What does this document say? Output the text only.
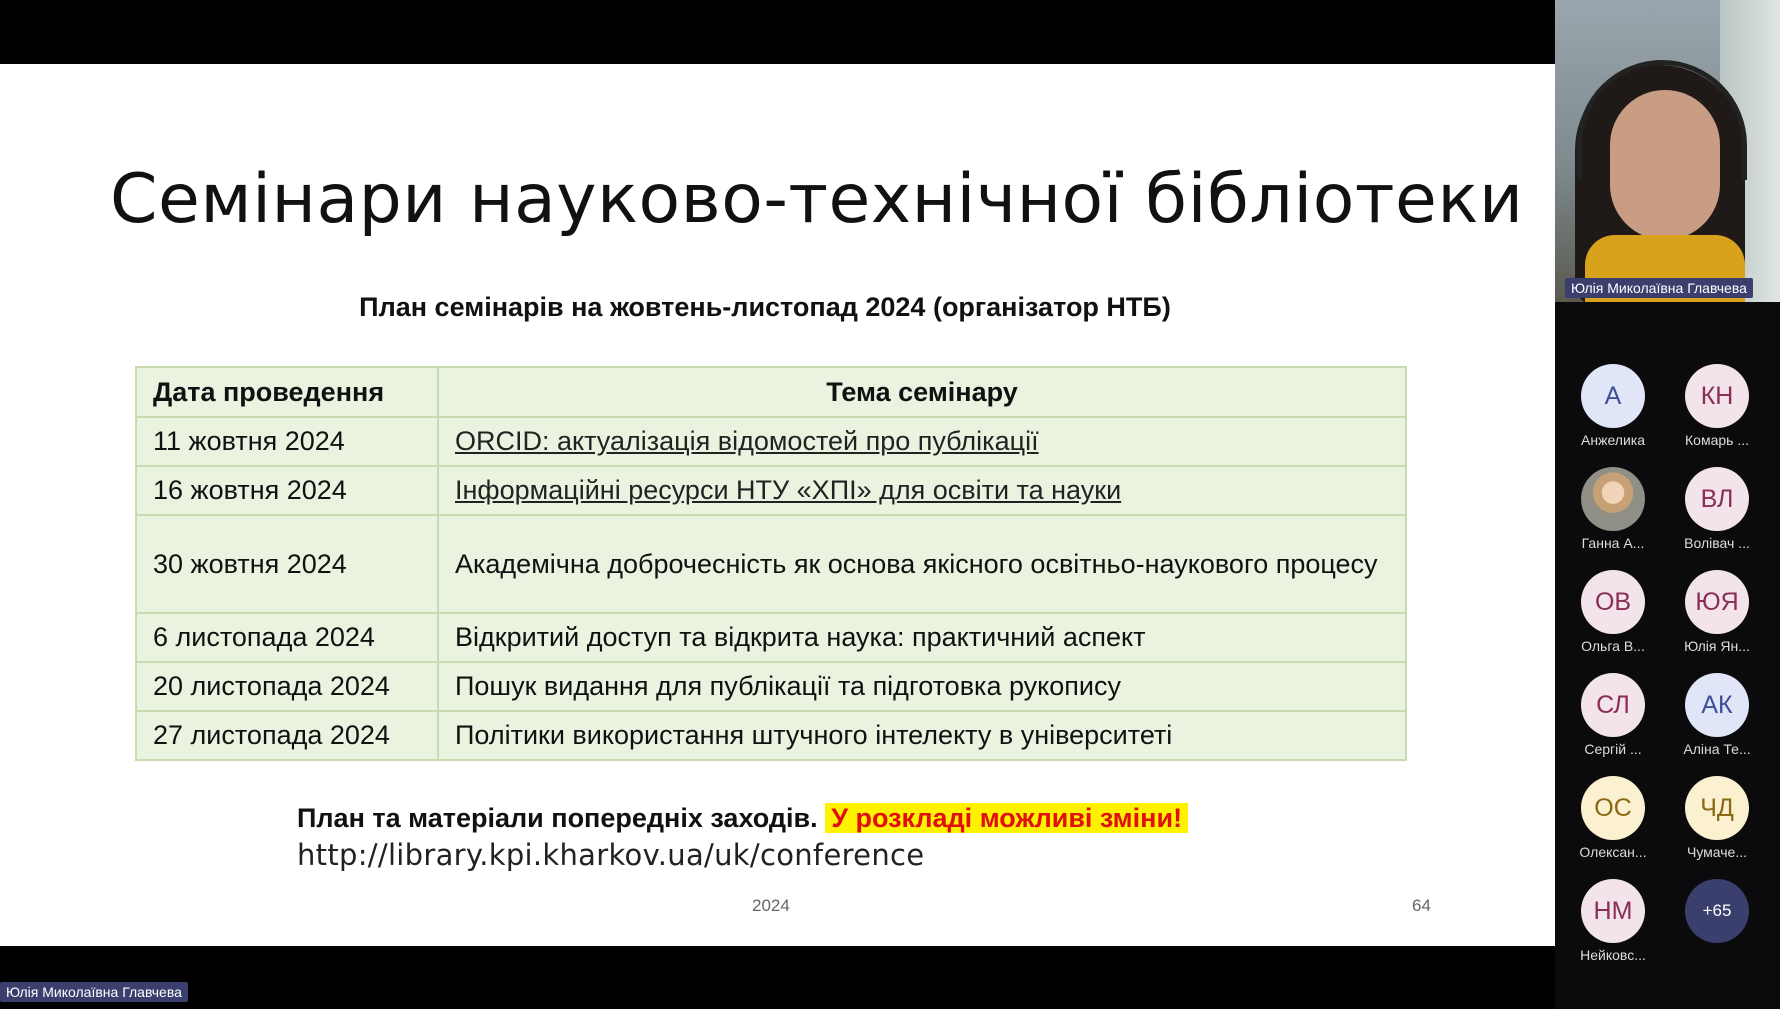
Семінари науково-технічної бібліотеки
План семінарів на жовтень-листопад 2024 (організатор НТБ)
Дата проведення	Тема семінару
11 жовтня 2024	ORCID: актуалізація відомостей про публікації
16 жовтня 2024	Інформаційні ресурси НТУ «ХПІ» для освіти та науки
30 жовтня 2024	Академічна доброчесність як основа якісного освітньо-наукового процесу
6 листопада 2024	Відкритий доступ та відкрита наука: практичний аспект
20 листопада 2024	Пошук видання для публікації та підготовка рукопису
27 листопада 2024	Політики використання штучного інтелекту в університеті
План та матеріали попередніх заходів. У розкладі можливі зміни!
http://library.kpi.kharkov.ua/uk/conference
2024	64
Юлія Миколаївна Главчева
Юлія Миколаївна Главчева
А
Анжелика
КН
Комарь ...
Ганна А...
ВЛ
Волівач ...
ОВ
Ольга В...
ЮЯ
Юлія Ян...
СЛ
Сергій ...
АК
Аліна Те...
ОС
Олексан...
ЧД
Чумаче...
НМ
Нейковс...
+65
